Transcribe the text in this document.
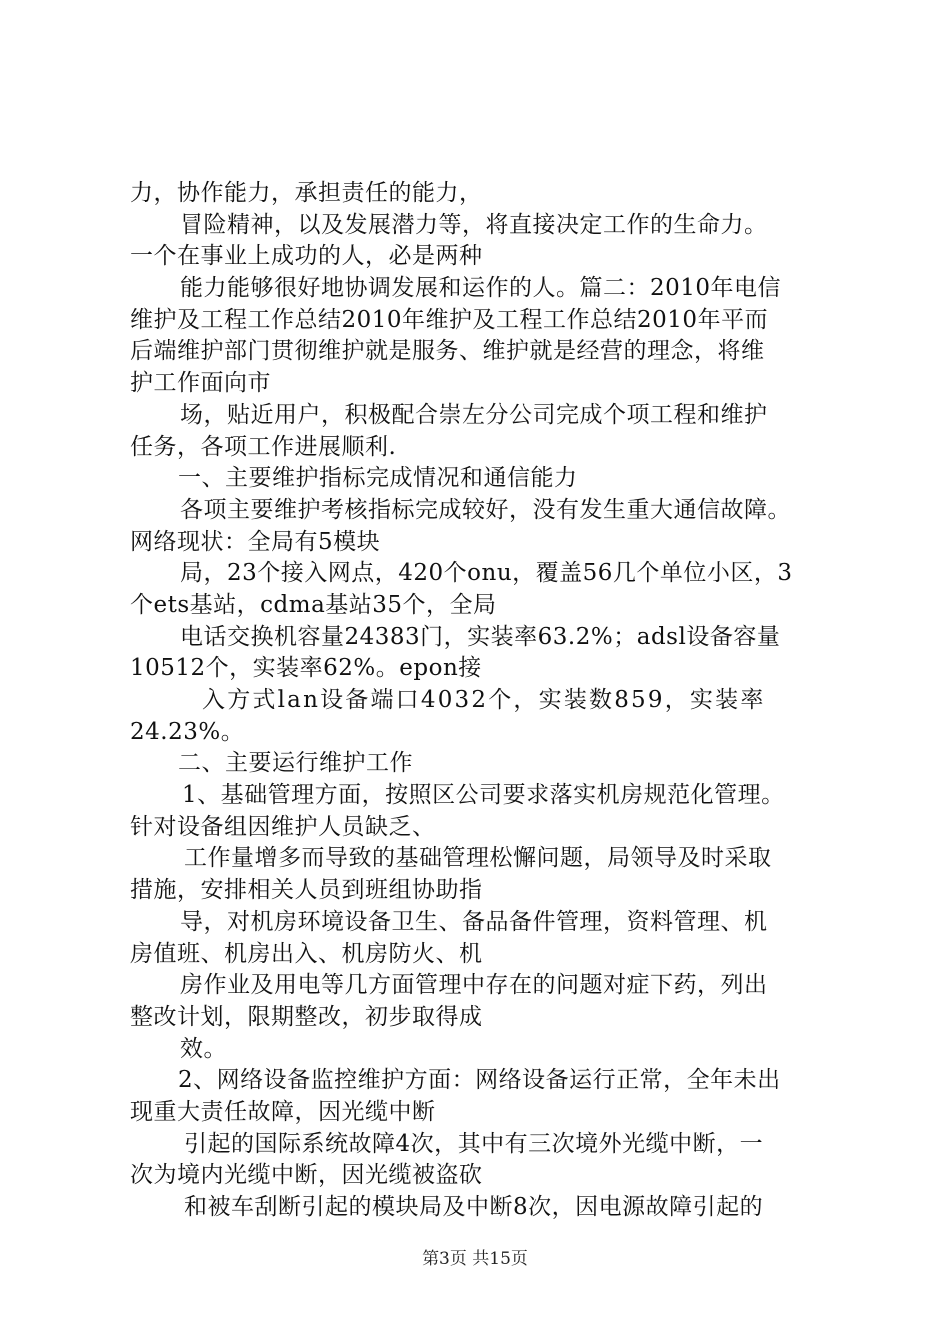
力，协作能力，承担责任的能力，
冒险精神，以及发展潜力等，将直接决定工作的生命力。
一个在事业上成功的人，必是两种
能力能够很好地协调发展和运作的人。篇二：2010年电信
维护及工程工作总结2010年维护及工程工作总结2010年平而
后端维护部门贯彻维护就是服务、维护就是经营的理念，将维
护工作面向市
场，贴近用户，积极配合崇左分公司完成个项工程和维护
任务，各项工作进展顺利.
一、主要维护指标完成情况和通信能力
各项主要维护考核指标完成较好，没有发生重大通信故障。
网络现状：全局有5模块
局，23个接入网点，420个onu，覆盖56几个单位小区，3
个ets基站，cdma基站35个，全局
电话交换机容量24383门，实装率63.2%；adsl设备容量
10512个，实装率62%。epon接
入方式lan设备端口4032个，实装数859，实装率
24.23%。
二、主要运行维护工作
1、基础管理方面，按照区公司要求落实机房规范化管理。
针对设备组因维护人员缺乏、
工作量增多而导致的基础管理松懈问题，局领导及时采取
措施，安排相关人员到班组协助指
导，对机房环境设备卫生、备品备件管理，资料管理、机
房值班、机房出入、机房防火、机
房作业及用电等几方面管理中存在的问题对症下药，列出
整改计划，限期整改，初步取得成
效。
2、网络设备监控维护方面：网络设备运行正常，全年未出
现重大责任故障，因光缆中断
引起的国际系统故障4次，其中有三次境外光缆中断，一
次为境内光缆中断，因光缆被盗砍
和被车刮断引起的模块局及中断8次，因电源故障引起的
第3页 共15页
